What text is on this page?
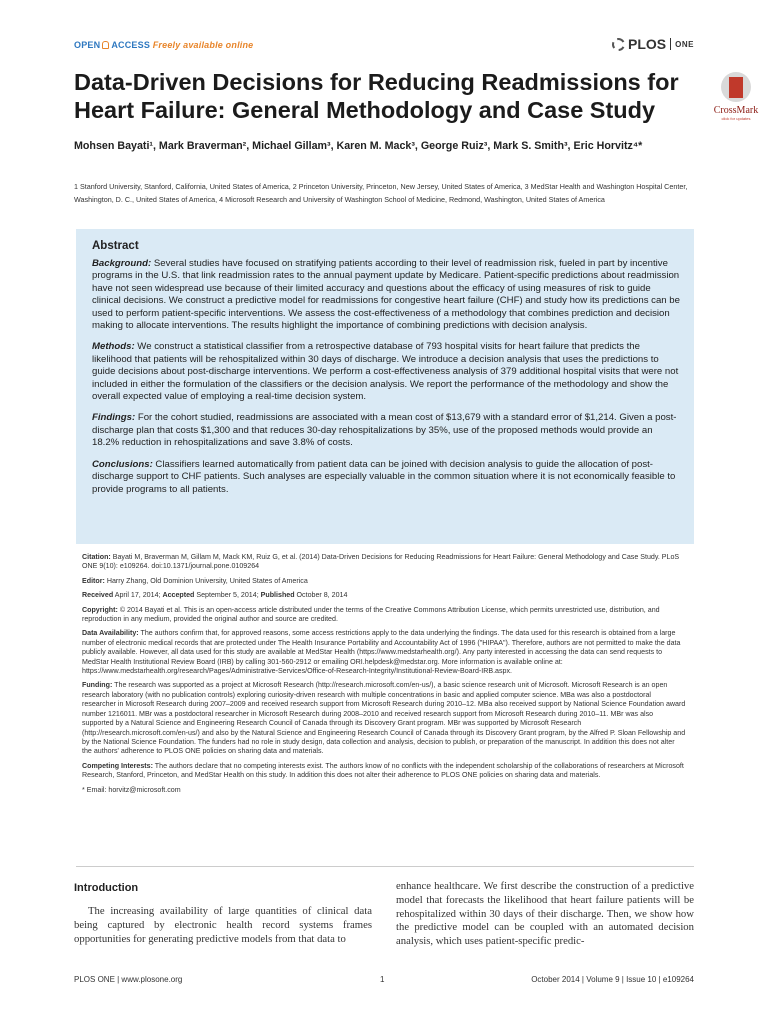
OPEN ACCESS Freely available online	PLOS ONE
Data-Driven Decisions for Reducing Readmissions for Heart Failure: General Methodology and Case Study	CrossMark
click for updates
Mohsen Bayati¹, Mark Braverman², Michael Gillam³, Karen M. Mack³, George Ruiz³, Mark S. Smith³, Eric Horvitz⁴*
1 Stanford University, Stanford, California, United States of America, 2 Princeton University, Princeton, New Jersey, United States of America, 3 MedStar Health and Washington Hospital Center, Washington, D. C., United States of America, 4 Microsoft Research and University of Washington School of Medicine, Redmond, Washington, United States of America
Abstract

Background: Several studies have focused on stratifying patients according to their level of readmission risk, fueled in part by incentive programs in the U.S. that link readmission rates to the annual payment update by Medicare. Patient-specific predictions about readmission have not seen widespread use because of their limited accuracy and questions about the efficacy of using measures of risk to guide clinical decisions. We construct a predictive model for readmissions for congestive heart failure (CHF) and study how its predictions can be used to perform patient-specific interventions. We assess the cost-effectiveness of a methodology that combines prediction and decision making to allocate interventions. The results highlight the importance of combining predictions with decision analysis.

Methods: We construct a statistical classifier from a retrospective database of 793 hospital visits for heart failure that predicts the likelihood that patients will be rehospitalized within 30 days of discharge. We introduce a decision analysis that uses the predictions to guide decisions about post-discharge interventions. We perform a cost-effectiveness analysis of 379 additional hospital visits that were not included in either the formulation of the classifiers or the decision analysis. We report the performance of the methodology and show the overall expected value of employing a real-time decision system.

Findings: For the cohort studied, readmissions are associated with a mean cost of $13,679 with a standard error of $1,214. Given a post-discharge plan that costs $1,300 and that reduces 30-day rehospitalizations by 35%, use of the proposed methods would provide an 18.2% reduction in rehospitalizations and save 3.8% of costs.

Conclusions: Classifiers learned automatically from patient data can be joined with decision analysis to guide the allocation of post-discharge support to CHF patients. Such analyses are especially valuable in the common situation where it is not economically feasible to provide programs to all patients.

Citation: Bayati M, Braverman M, Gillam M, Mack KM, Ruiz G, et al. (2014) Data-Driven Decisions for Reducing Readmissions for Heart Failure: General Methodology and Case Study. PLoS ONE 9(10): e109264. doi:10.1371/journal.pone.0109264

Editor: Harry Zhang, Old Dominion University, United States of America

Received April 17, 2014; Accepted September 5, 2014; Published October 8, 2014

Copyright: © 2014 Bayati et al. This is an open-access article distributed under the terms of the Creative Commons Attribution License, which permits unrestricted use, distribution, and reproduction in any medium, provided the original author and source are credited.

Data Availability: The authors confirm that, for approved reasons, some access restrictions apply to the data underlying the findings. The data used for this research is obtained from a large number of electronic medical records that are protected under The Health Insurance Portability and Accountability Act of 1996 ("HIPAA"). Therefore, authors are not permitted to make the data publicly available. However, all data used for this study are available at MedStar Health (https://www.medstarhealth.org/). Any party interested in accessing the data can send requests to MedStar Health Institutional Review Board (IRB) by calling 301-560-2912 or emailing ORI.helpdesk@medstar.org. More information is available online at: https://www.medstarhealth.org/research/Pages/Administrative-Services/Office-of-Research-Integrity/Institutional-Review-Board-IRB.aspx.

Funding: The research was supported as a project at Microsoft Research (http://research.microsoft.com/en-us/), a basic science research unit of Microsoft. Microsoft Research is an open research laboratory (with no publication controls) exploring curiosity-driven research with multiple concentrations in basic and applied computer science. MBa was also a postdoctoral researcher in Microsoft Research during 2007–2009 and received research support from Microsoft Research during 2010–12. MBa also received support by National Science Foundation award number 1216011. MBr was a postdoctoral researcher in Microsoft Research during 2008–2010 and received research support from Microsoft Research during 2010–11. MBr was also supported by a Natural Science and Engineering Research Council of Canada through its Discovery Grant program. MBr was supported by Microsoft Research (http://research.microsoft.com/en-us/) and also by the Natural Science and Engineering Research Council of Canada through its Discovery Grant program, by the Alfred P. Sloan Fellowship and by the National Science Foundation. The funders had no role in study design, data collection and analysis, decision to publish, or preparation of the manuscript. In addition this does not alter the authors' adherence to PLOS ONE policies on sharing data and materials.

Competing Interests: The authors declare that no competing interests exist. The authors know of no conflicts with the independent scholarship of the collaborations of researchers at Microsoft Research, Stanford, Princeton, and MedStar Health on this study. In addition this does not alter their adherence to PLOS ONE policies on sharing data and materials.

* Email: horvitz@microsoft.com

Introduction

The increasing availability of large quantities of clinical data being captured by electronic health record systems frames opportunities for generating predictive models from that data to

enhance healthcare. We first describe the construction of a predictive model that forecasts the likelihood that heart failure patients will be rehospitalized within 30 days of their discharge. Then, we show how the predictive model can be coupled with an automated decision analysis, which uses patient-specific predic-

PLOS ONE | www.plosone.org	1	October 2014 | Volume 9 | Issue 10 | e109264
